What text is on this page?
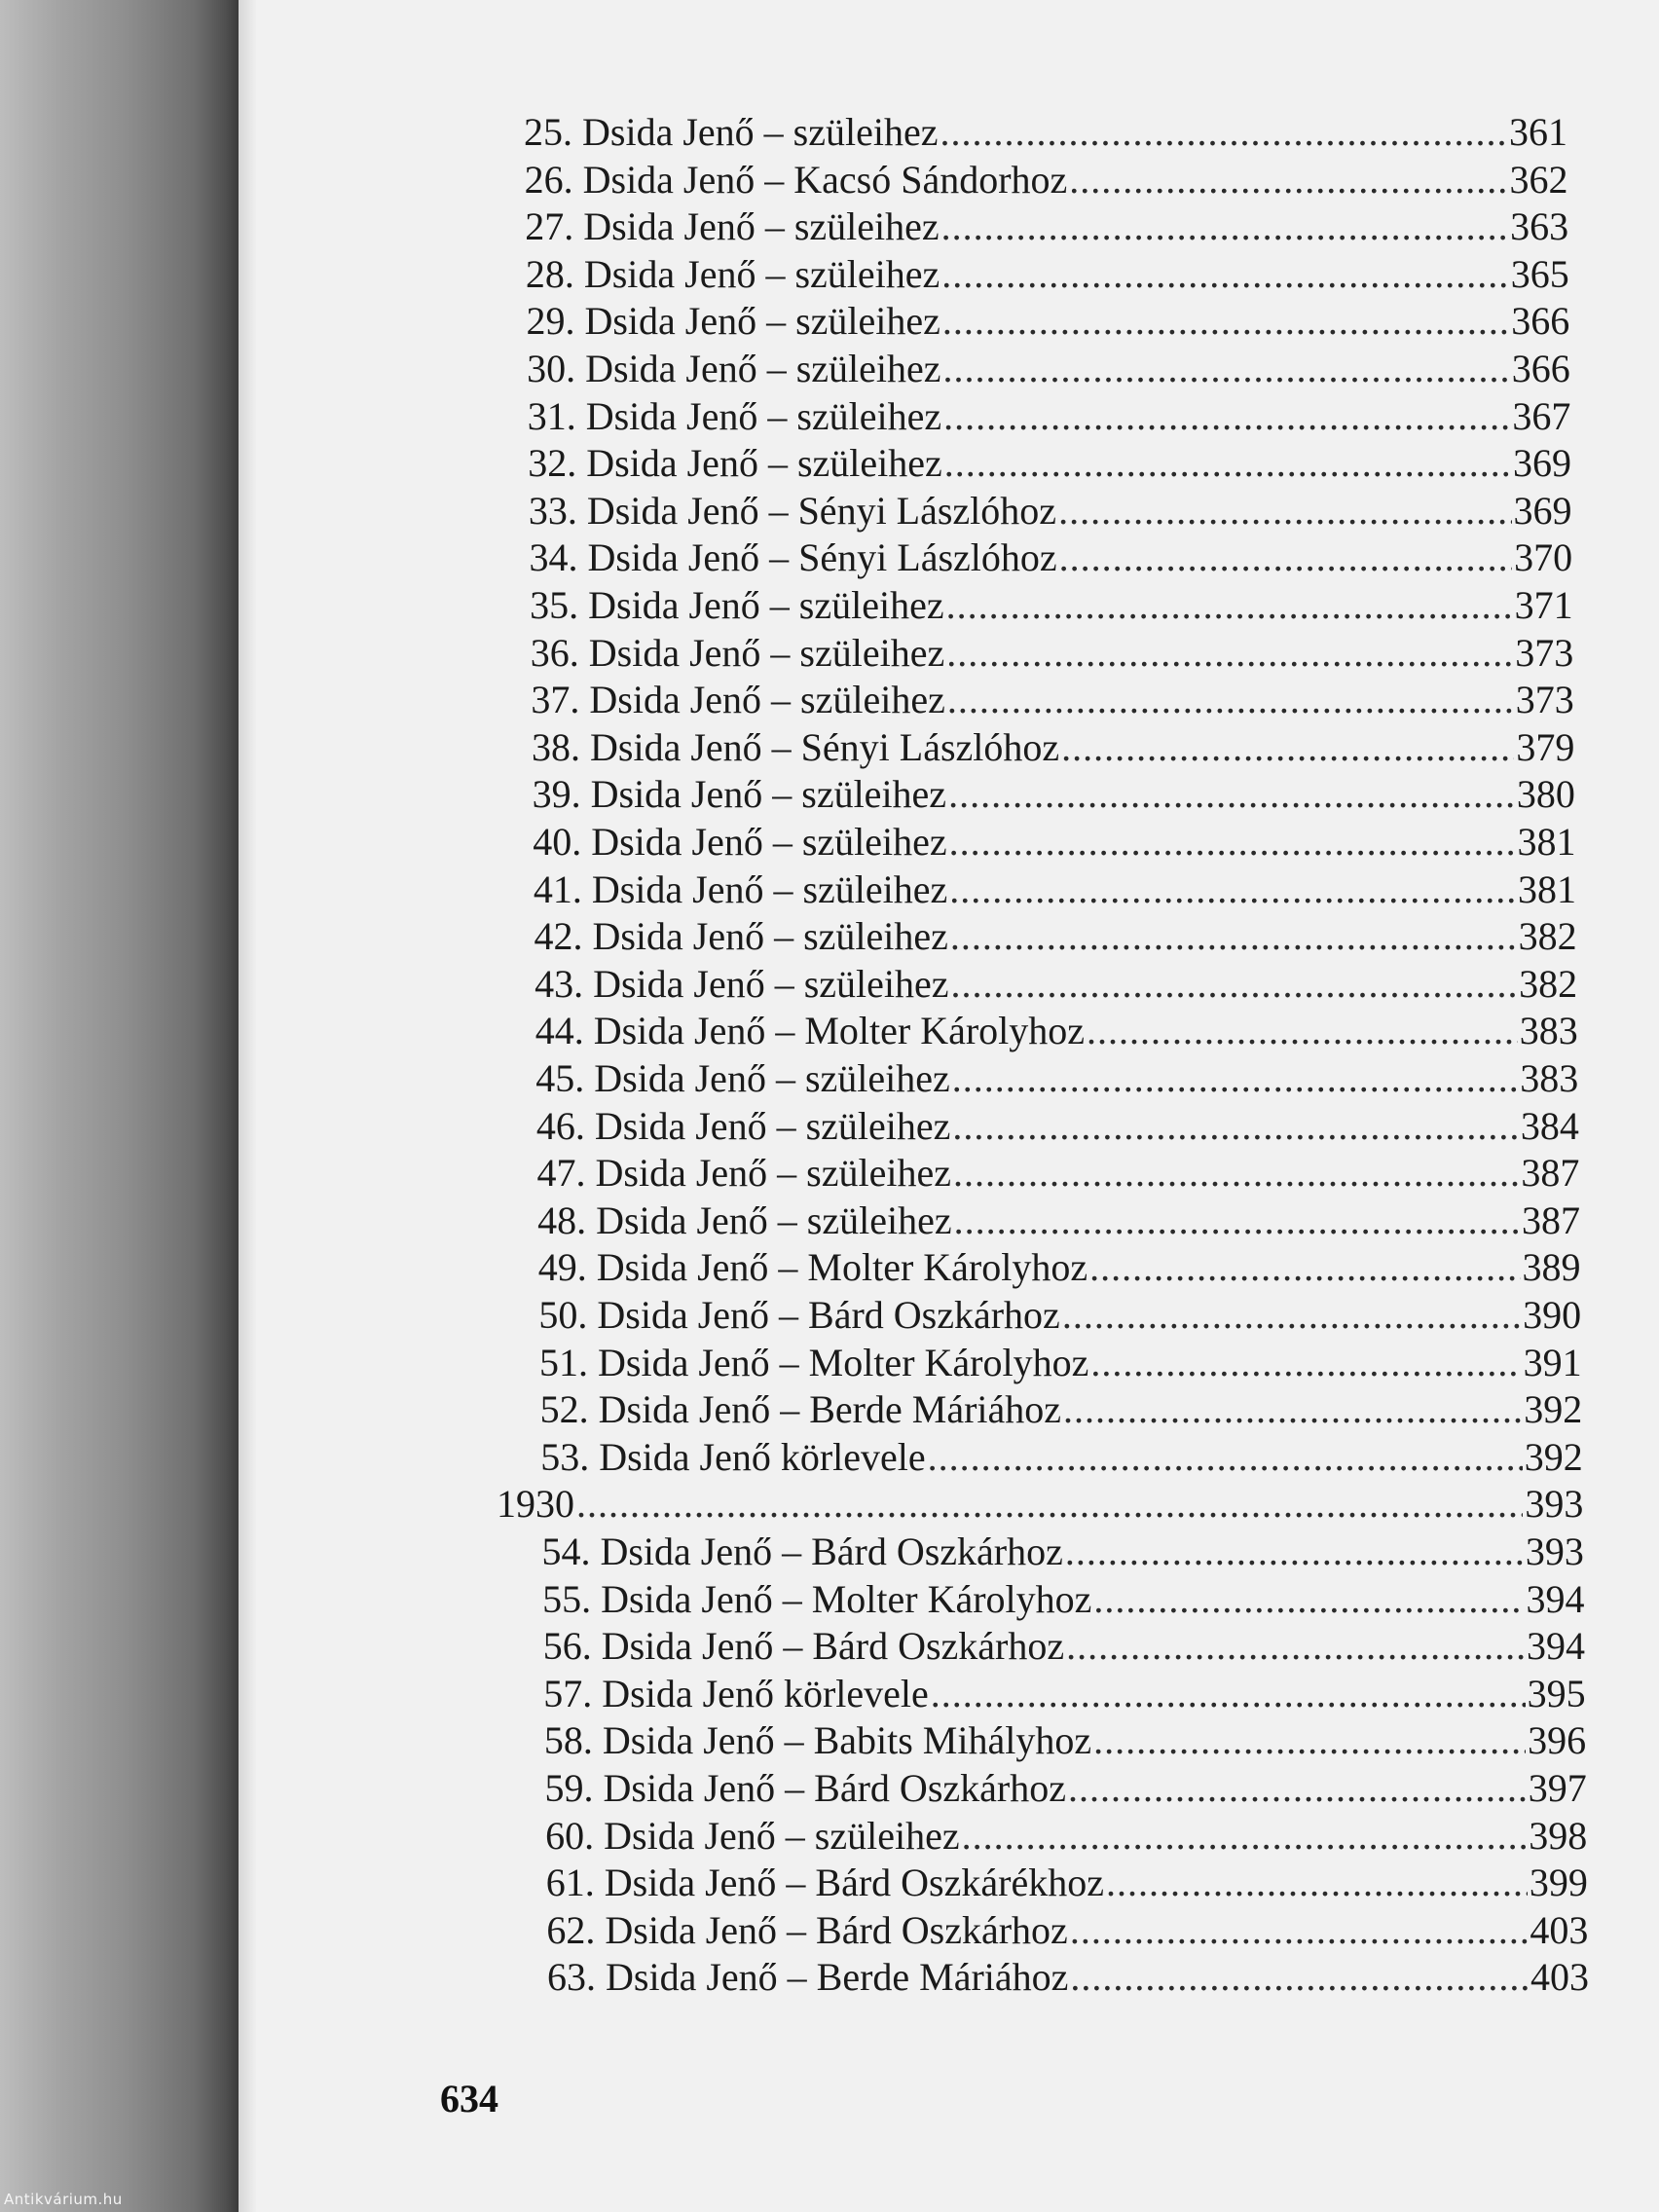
25. Dsida Jenő – szüleihez .....	361
26. Dsida Jenő – Kacsó Sándorhoz .....	362
27. Dsida Jenő – szüleihez .....	363
28. Dsida Jenő – szüleihez .....	365
29. Dsida Jenő – szüleihez .....	366
30. Dsida Jenő – szüleihez .....	366
31. Dsida Jenő – szüleihez .....	367
32. Dsida Jenő – szüleihez .....	369
33. Dsida Jenő – Sényi Lászlóhoz .....	369
34. Dsida Jenő – Sényi Lászlóhoz .....	370
35. Dsida Jenő – szüleihez .....	371
36. Dsida Jenő – szüleihez .....	373
37. Dsida Jenő – szüleihez .....	373
38. Dsida Jenő – Sényi Lászlóhoz .....	379
39. Dsida Jenő – szüleihez .....	380
40. Dsida Jenő – szüleihez .....	381
41. Dsida Jenő – szüleihez .....	381
42. Dsida Jenő – szüleihez .....	382
43. Dsida Jenő – szüleihez .....	382
44. Dsida Jenő – Molter Károlyhoz .....	383
45. Dsida Jenő – szüleihez .....	383
46. Dsida Jenő – szüleihez .....	384
47. Dsida Jenő – szüleihez .....	387
48. Dsida Jenő – szüleihez .....	387
49. Dsida Jenő – Molter Károlyhoz .....	389
50. Dsida Jenő – Bárd Oszkárhoz .....	390
51. Dsida Jenő – Molter Károlyhoz .....	391
52. Dsida Jenő – Berde Máriához .....	392
53. Dsida Jenő körlevele .....	392
1930 .....	393
54. Dsida Jenő – Bárd Oszkárhoz .....	393
55. Dsida Jenő – Molter Károlyhoz .....	394
56. Dsida Jenő – Bárd Oszkárhoz .....	394
57. Dsida Jenő körlevele .....	395
58. Dsida Jenő – Babits Mihályhoz .....	396
59. Dsida Jenő – Bárd Oszkárhoz .....	397
60. Dsida Jenő – szüleihez .....	398
61. Dsida Jenő – Bárd Oszkárékhoz .....	399
62. Dsida Jenő – Bárd Oszkárhoz .....	403
63. Dsida Jenő – Berde Máriához .....	403
634
Antikvárium.hu
